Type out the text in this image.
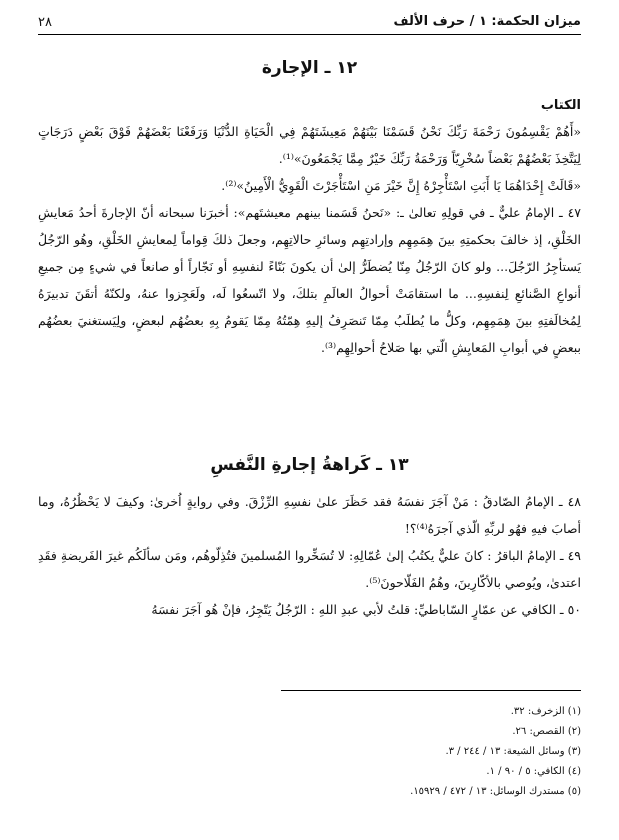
ميزان الحكمة: ١ / حرف الألف
٢٨
١٢ ـ الإجارة
الكتاب

«أَهُمْ يَقْسِمُونَ رَحْمَةَ رَبِّكَ نَحْنُ قَسَمْنَا بَيْنَهُمْ مَعِيشَتَهُمْ فِي الْحَيَاةِ الدُّنْيَا وَرَفَعْنَا بَعْضَهُمْ فَوْقَ بَعْضٍ دَرَجَاتٍ لِيَتَّخِذَ بَعْضُهُمْ بَعْضاً سُخْرِيّاً وَرَحْمَةُ رَبِّكَ خَيْرٌ مِمَّا يَجْمَعُونَ»⁽¹⁾.

«قَالَتْ إِحْدَاهُمَا يَا أَبَتِ اسْتَأْجِرْهُ إِنَّ خَيْرَ مَنِ اسْتَأْجَرْتَ الْقَوِيُّ الْأَمِينُ»⁽²⁾.

٤٧ ـ الإمامُ عليٌّ ـ في قولِهِ تعالىٰ ـ: «نَحنُ قَسَمنا بينهم معيشتَهم»: أخبرَنا سبحانه أنّ الإجارةَ أحدُ مَعايشِ الخَلْقِ، إذ خالفَ بحكمتِهِ بينَ هِمَمِهِم وإرادتِهِم وسائرِ حالاتِهِم، وجعلَ ذلكَ قِواماً لِمعايشِ الخَلْقِ، وهُو الرّجُلُ يَستأجِرُ الرّجُلَ... ولو كانَ الرّجُلُ مِنّا يُضطَرُّ إلىٰ أن يكونَ بَنّاءً لنفسِهِ أو نَجّاراً أو صانعاً في شيءٍ مِن جميعِ أنواعِ الصَّنائعِ لِنفسِهِ... ما استقامَتْ أحوالُ العالَمِ بتلكَ، ولا اتّسعُوا لَه، ولَعَجِزوا عنهُ، ولكنّهُ أتقَنَ تدبيرَهُ لِمُخالَفتِهِ بينَ هِمَمِهِم، وكلُّ ما يُطلَبُ مِمّا تَنصَرِفُ إليهِ هِمّتُهُ مِمّا يَقومُ بِهِ بعضُهُم لبعضٍ، ولِيَستغنيَ بعضُهُم ببعضٍ في أبوابِ المَعايِشِ الّتي بها صَلاحُ أحوالِهِم⁽³⁾.

١٣ ـ كَراهةُ إجارةِ النَّفسِ

٤٨ ـ الإمامُ الصّادقُ : مَنْ آجَرَ نفسَهُ فقد حَظَرَ علىٰ نفسِهِ الرِّزْقَ. وفي روايةٍ اُخرىٰ: وكيفَ لا يَحْظُرُهُ، وما أصابَ فيهِ فهُو لربِّهِ الّذي آجرَهُ⁽⁴⁾؟!

٤٩ ـ الإمامُ الباقرُ : كانَ عليٌّ يكتُبُ إلىٰ عُمّالِهِ: لا تُسَخِّروا المُسلمينَ فتُذِلّوهُم، ومَن سألَكُم غيرَ الفَريضةِ فقَدِ اعتدىٰ، ويُوصي بالأكّارِينَ، وهُمُ الفَلّاحونَ⁽⁵⁾.

٥٠ ـ الكافي عن عمّارٍ السّاباطيِّ: قلتُ لأبي عبدِ اللهِ : الرّجُلُ يَتّجِرُ، فإنْ هُو آجَرَ نفسَهُ

(١) الزخرف: ٣٢.
(٢) القصص: ٢٦.
(٣) وسائل الشيعة: ١٣ / ٢٤٤ / ٣.
(٤) الكافي: ٥ / ٩٠ / ١.
(٥) مستدرك الوسائل: ١٣ / ٤٧٢ / ١٥٩٢٩.
